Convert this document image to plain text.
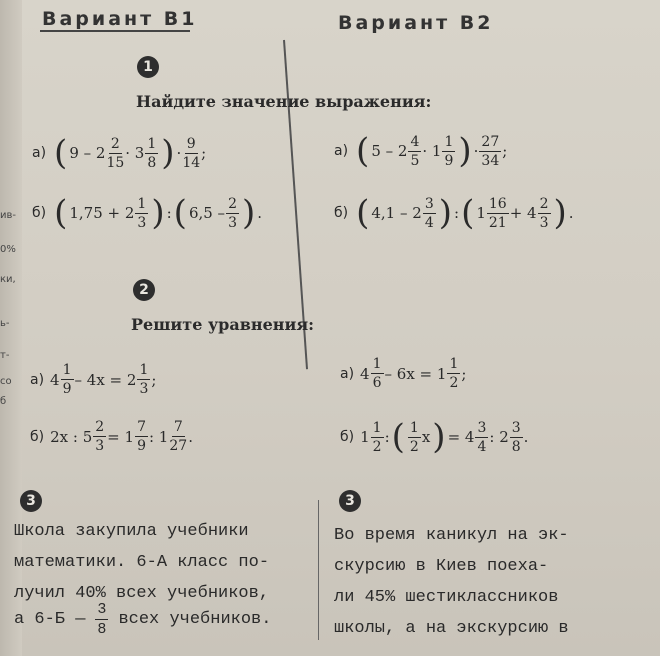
ив-
0%
ки,
ь-
т-
со
б
Вариант В1	Вариант В2
1
Найдите значение выражения:
а) ( 9 – 2
2
15
· 3
1
8 ) ·
9
14
;
б) ( 1,75 + 2
1
3 ) : ( 6,5 –
2
3 ) .
а) ( 5 – 2
4
5
· 1
1
9 ) ·
27
34
;
б) ( 4,1 – 2
3
4 ) : ( 1
16
21
+ 4
2
3 ) .
2
Решите уравнения:
а) 4
1
9
– 4x = 2
1
3
;
б) 2x : $5 \frac{2}{3} = 1$
7
9
: 1
7
27
.
а) 4
1
6
– 6x = 1
1
2
;
б) 1
1
2
: ( 1
2
x ) = 4
3
4
: 2
3
8
.
3	3
Школа закупила учебники
математики. 6-А класс по-
лучил 40% всех учебников,
а 6-Б —
3
8
всех учебников.
Во время каникул на эк-
скурсию в Киев поеха-
ли 45% шестиклассников
школы, а на экскурсию в
